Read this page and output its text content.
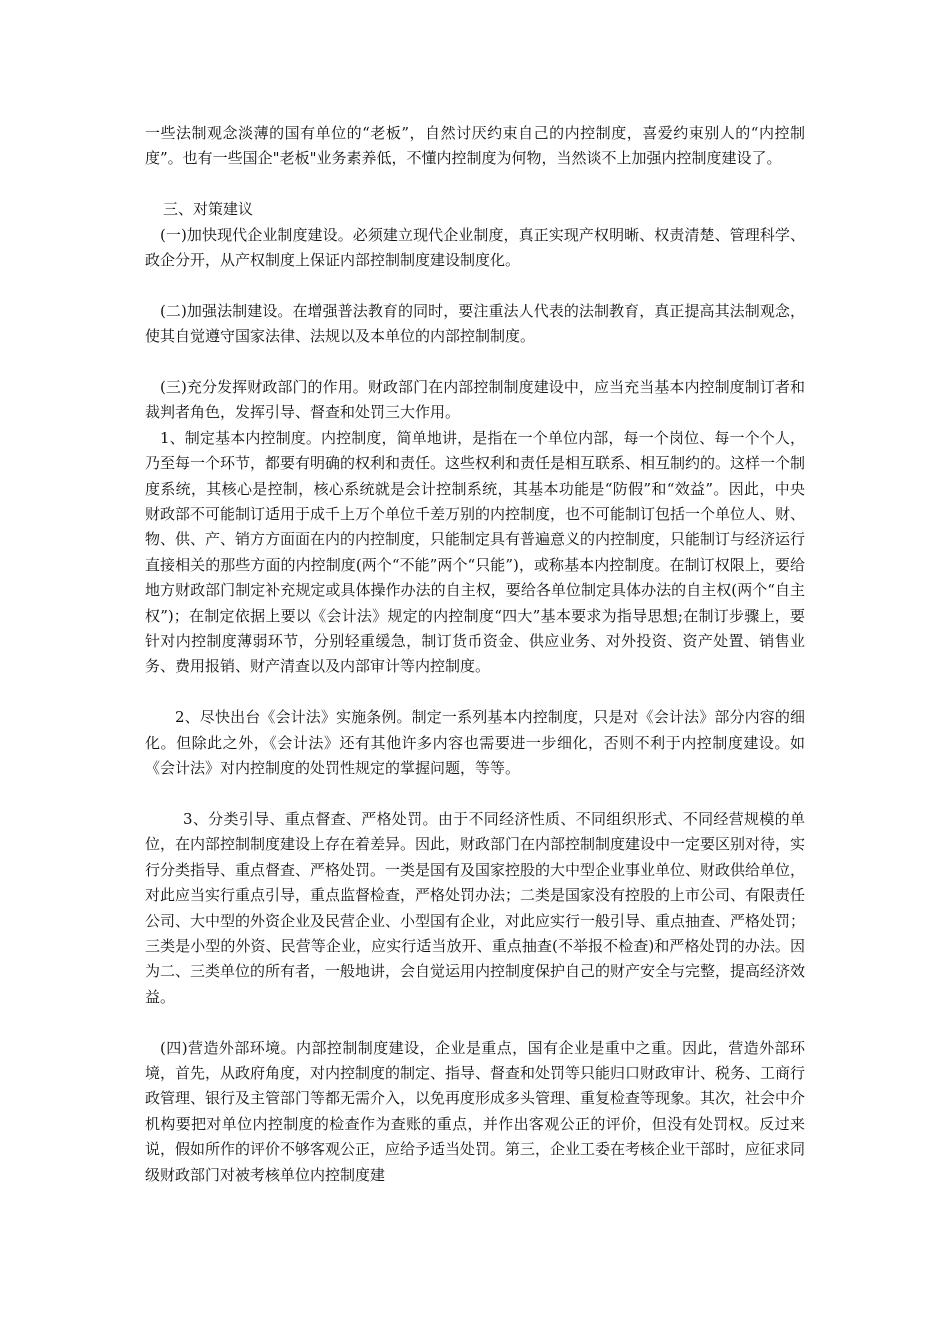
一些法制观念淡薄的国有单位的“老板”，自然讨厌约束自己的内控制度，喜爱约束别人的“内控制度”。也有一些国企"老板"业务素养低，不懂内控制度为何物，当然谈不上加强内控制度建设了。

三、对策建议

(一)加快现代企业制度建设。必须建立现代企业制度，真正实现产权明晰、权责清楚、管理科学、政企分开，从产权制度上保证内部控制制度建设制度化。

(二)加强法制建设。在增强普法教育的同时，要注重法人代表的法制教育，真正提高其法制观念，使其自觉遵守国家法律、法规以及本单位的内部控制制度。

(三)充分发挥财政部门的作用。财政部门在内部控制制度建设中，应当充当基本内控制度制订者和裁判者角色，发挥引导、督查和处罚三大作用。

1、制定基本内控制度。内控制度，简单地讲，是指在一个单位内部，每一个岗位、每一个个人，乃至每一个环节，都要有明确的权利和责任。这些权利和责任是相互联系、相互制约的。这样一个制度系统，其核心是控制，核心系统就是会计控制系统，其基本功能是“防假”和“效益”。因此，中央财政部不可能制订适用于成千上万个单位千差万别的内控制度，也不可能制订包括一个单位人、财、物、供、产、销方方面面在内的内控制度，只能制定具有普遍意义的内控制度，只能制订与经济运行直接相关的那些方面的内控制度(两个“不能”两个“只能”)，或称基本内控制度。在制订权限上，要给地方财政部门制定补充规定或具体操作办法的自主权，要给各单位制定具体办法的自主权(两个“自主权”)；在制定依据上要以《会计法》规定的内控制度“四大”基本要求为指导思想;在制订步骤上，要针对内控制度薄弱环节，分别轻重缓急，制订货币资金、供应业务、对外投资、资产处置、销售业务、费用报销、财产清查以及内部审计等内控制度。

2、尽快出台《会计法》实施条例。制定一系列基本内控制度，只是对《会计法》部分内容的细化。但除此之外，《会计法》还有其他许多内容也需要进一步细化，否则不利于内控制度建设。如《会计法》对内控制度的处罚性规定的掌握问题，等等。

3、分类引导、重点督查、严格处罚。由于不同经济性质、不同组织形式、不同经营规模的单位，在内部控制制度建设上存在着差异。因此，财政部门在内部控制制度建设中一定要区别对待，实行分类指导、重点督查、严格处罚。一类是国有及国家控股的大中型企业事业单位、财政供给单位，对此应当实行重点引导，重点监督检查，严格处罚办法；二类是国家没有控股的上市公司、有限责任公司、大中型的外资企业及民营企业、小型国有企业，对此应实行一般引导、重点抽查、严格处罚；三类是小型的外资、民营等企业，应实行适当放开、重点抽查(不举报不检查)和严格处罚的办法。因为二、三类单位的所有者，一般地讲，会自觉运用内控制度保护自己的财产安全与完整，提高经济效益。

(四)营造外部环境。内部控制制度建设，企业是重点，国有企业是重中之重。因此，营造外部环境，首先，从政府角度，对内控制度的制定、指导、督查和处罚等只能归口财政审计、税务、工商行政管理、银行及主管部门等都无需介入，以免再度形成多头管理、重复检查等现象。其次，社会中介机构要把对单位内控制度的检查作为查账的重点，并作出客观公正的评价，但没有处罚权。反过来说，假如所作的评价不够客观公正，应给予适当处罚。第三，企业工委在考核企业干部时，应征求同级财政部门对被考核单位内控制度建
